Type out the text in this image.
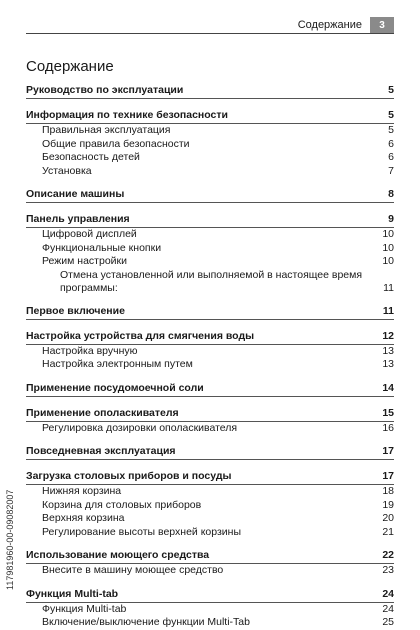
Содержание	3
Содержание
Руководство по эксплуатации	5
Информация по технике безопасности	5
Правильная эксплуатация	5
Общие правила безопасности	6
Безопасность детей	6
Установка	7
Описание машины	8
Панель управления	9
Цифровой дисплей	10
Функциональные кнопки	10
Режим настройки	10
Отмена установленной или выполняемой в настоящее время программы:	11
Первое включение	11
Настройка устройства для смягчения воды	12
Настройка вручную	13
Настройка электронным путем	13
Применение посудомоечной соли	14
Применение ополаскивателя	15
Регулировка дозировки ополаскивателя	16
Повседневная эксплуатация	17
Загрузка столовых приборов и посуды	17
Нижняя корзина	18
Корзина для столовых приборов	19
Верхняя корзина	20
Регулирование высоты верхней корзины	21
Использование моющего средства	22
Внесите в машину моющее средство	23
Функция Multi-tab	24
Функция Multi-tab	24
Включение/выключение функции Multi-Tab	25
117981960-00-09082007
